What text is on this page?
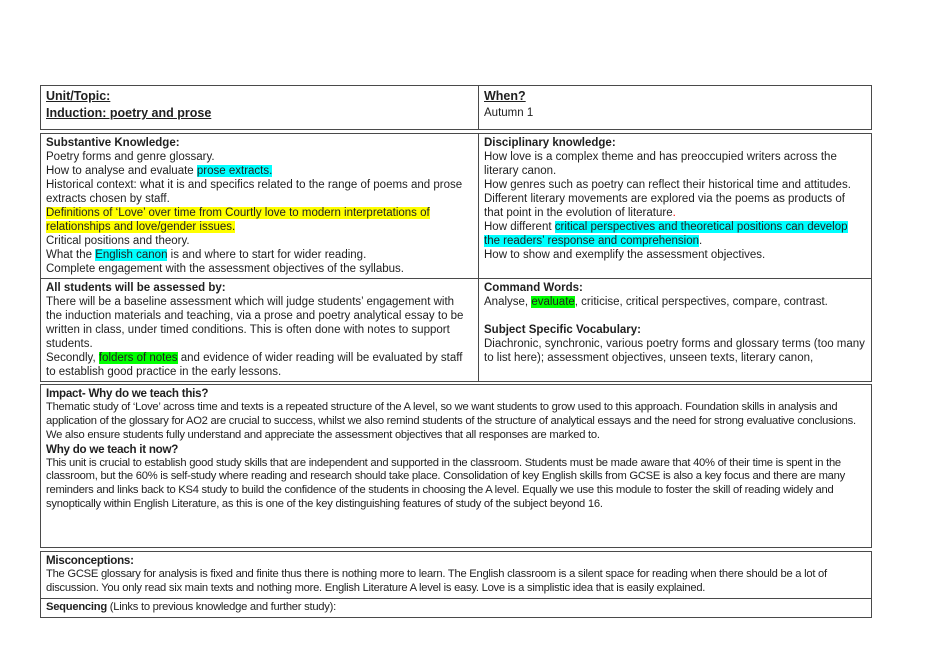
Unit/Topic:
Induction: poetry and prose
When?
Autumn 1
Substantive Knowledge:
Poetry forms and genre glossary.
How to analyse and evaluate prose extracts.
Historical context: what it is and specifics related to the range of poems and prose extracts chosen by staff.
Definitions of ‘Love’ over time from Courtly love to modern interpretations of relationships and love/gender issues.
Critical positions and theory.
What the English canon is and where to start for wider reading.
Complete engagement with the assessment objectives of the syllabus.
Disciplinary knowledge:
How love is a complex theme and has preoccupied writers across the literary canon.
How genres such as poetry can reflect their historical time and attitudes.
Different literary movements are explored via the poems as products of that point in the evolution of literature.
How different critical perspectives and theoretical positions can develop the readers’ response and comprehension.
How to show and exemplify the assessment objectives.
All students will be assessed by:
There will be a baseline assessment which will judge students’ engagement with the induction materials and teaching, via a prose and poetry analytical essay to be written in class, under timed conditions. This is often done with notes to support students.
Secondly, folders of notes and evidence of wider reading will be evaluated by staff to establish good practice in the early lessons.
Command Words:
Analyse, evaluate, criticise, critical perspectives, compare, contrast.
Subject Specific Vocabulary:
Diachronic, synchronic, various poetry forms and glossary terms (too many to list here); assessment objectives, unseen texts, literary canon,
Impact- Why do we teach this?
Thematic study of ‘Love’ across time and texts is a repeated structure of the A level, so we want students to grow used to this approach. Foundation skills in analysis and application of the glossary for AO2 are crucial to success, whilst we also remind students of the structure of analytical essays and the need for strong evaluative conclusions. We also ensure students fully understand and appreciate the assessment objectives that all responses are marked to.
Why do we teach it now?
This unit is crucial to establish good study skills that are independent and supported in the classroom. Students must be made aware that 40% of their time is spent in the classroom, but the 60% is self-study where reading and research should take place. Consolidation of key English skills from GCSE is also a key focus and there are many reminders and links back to KS4 study to build the confidence of the students in choosing the A level. Equally we use this module to foster the skill of reading widely and synoptically within English Literature, as this is one of the key distinguishing features of study of the subject beyond 16.
Misconceptions:
The GCSE glossary for analysis is fixed and finite thus there is nothing more to learn. The English classroom is a silent space for reading when there should be a lot of discussion. You only read six main texts and nothing more. English Literature A level is easy. Love is a simplistic idea that is easily explained.
Sequencing (Links to previous knowledge and further study):
